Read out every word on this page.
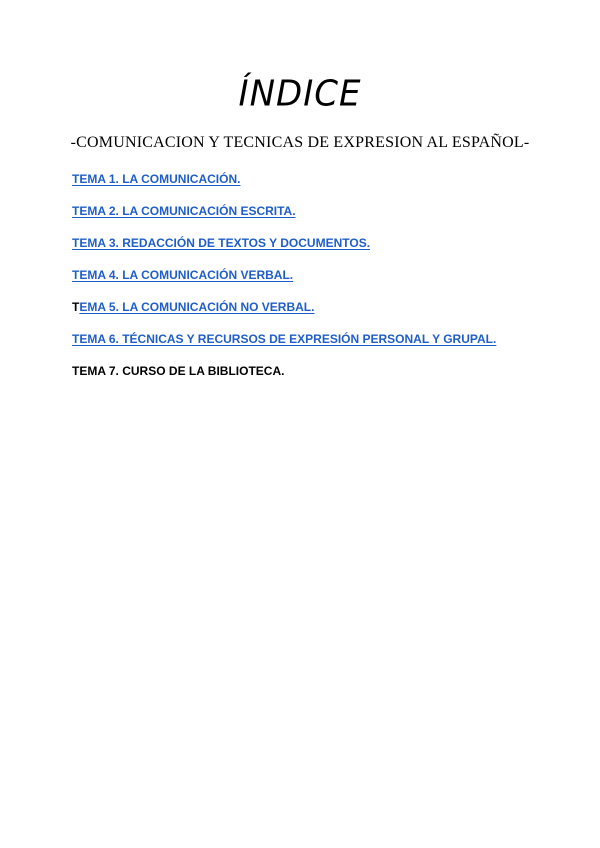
ÍNDICE
-COMUNICACION Y TECNICAS DE EXPRESION AL ESPAÑOL-
TEMA 1. LA COMUNICACIÓN.
TEMA 2. LA COMUNICACIÓN ESCRITA.
TEMA 3. REDACCIÓN DE TEXTOS Y DOCUMENTOS.
TEMA 4. LA COMUNICACIÓN VERBAL.
TEMA 5. LA COMUNICACIÓN NO VERBAL.
TEMA 6. TÉCNICAS Y RECURSOS DE EXPRESIÓN PERSONAL Y GRUPAL.
TEMA 7. CURSO DE LA BIBLIOTECA.
